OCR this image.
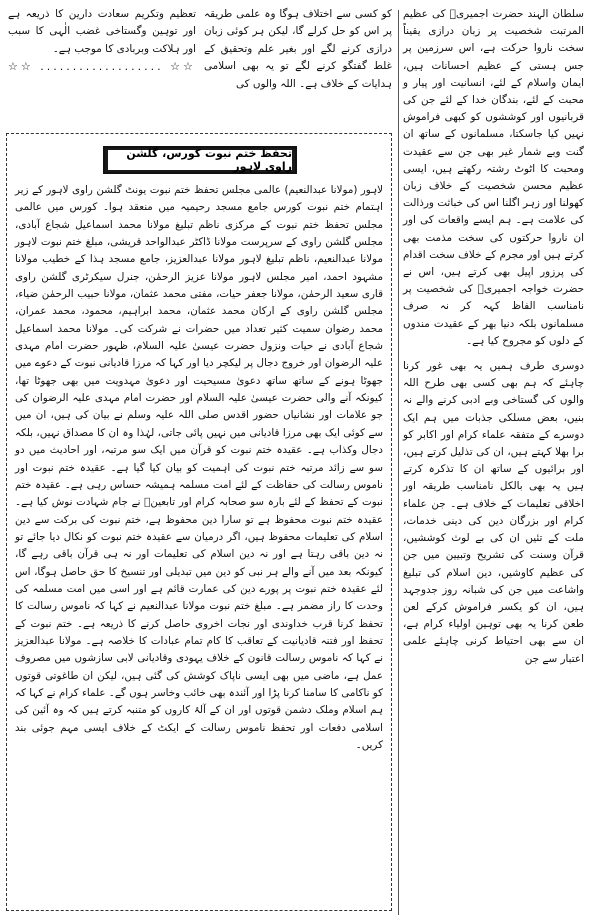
سلطان الہند حضرت اجمیریؒ کی عظیم المرتبت شخصیت پر زبان درازی یقیناً سخت ناروا حرکت ہے، اس سرزمین پر جس ہستی کے عظیم احسانات ہیں، ایمان واسلام کے لئے، انسانیت اور پیار و محبت کے لئے، بندگان خدا کے لئے جن کی قربانیوں اور کوششوں کو کبھی فراموش نہیں کیا جاسکتا، مسلمانوں کے ساتھ ان گنت وبے شمار غیر بھی جن سے عقیدت ومحبت کا اٹوٹ رشتہ رکھتے ہیں، ایسی عظیم محسن شخصیت کے خلاف زبان کھولنا اور زہر اگلنا اس کی خباثت ورذالت کی علامت ہے۔ ہم ایسے واقعات کی اور ان ناروا حرکتوں کی سخت مذمت بھی کرتے ہیں اور مجرم کے خلاف سخت اقدام کی پرزور اپیل بھی کرتے ہیں، اس نے حضرت خواجہ اجمیریؒ کی شخصیت پر نامناسب الفاظ کہہ کر نہ صرف مسلمانوں بلکہ دنیا بھر کے عقیدت مندوں کے دلوں کو مجروح کیا ہے۔

دوسری طرف ہمیں یہ بھی غور کرنا چاہئے کہ ہم بھی کسی بھی طرح اللہ والوں کی گستاخی وبے ادبی کرنے والے نہ بنیں، بعض مسلکی جذبات میں ہم ایک دوسرے کے متفقہ علماء کرام اور اکابر کو برا بھلا کہتے ہیں، ان کی تذلیل کرتے ہیں، اور برائیوں کے ساتھ ان کا تذکرہ کرتے ہیں یہ بھی بالکل نامناسب طریقہ اور اخلاقی تعلیمات کے خلاف ہے۔ جن علماء کرام اور بزرگان دین کی دینی خدمات، ملت کے تئیں ان کی بے لوث کوششیں، قرآن وسنت کی تشریح وتبیین میں جن کی عظیم کاوشیں، دین اسلام کی تبلیغ واشاعت میں جن کی شبانہ روز جدوجہد ہیں، ان کو یکسر فراموش کرکے لعن طعن کرنا یہ بھی توہین اولیاء کرام ہے، ان سے بھی احتیاط کرنی چاہئے علمی اعتبار سے جن

کو کسی سے اختلاف ہوگا وہ علمی طریقہ پر اس کو حل کرلے گا، لیکن ہر کوئی زبان درازی کرنے لگے اور بغیر علم وتحقیق کے غلط گفتگو کرنے لگے تو یہ بھی اسلامی ہدایات کے خلاف ہے۔ اللہ والوں کی

تعظیم وتکریم سعادت دارین کا ذریعہ ہے اور توہین وگستاخی غضب الٰہی کا سبب اور ہلاکت وبربادی کا موجب ہے۔

☆☆ ................... ☆☆

تحفظ ختم نبوت کورس، گلشن راوی لاہور

لاہور (مولانا عبدالنعیم) عالمی مجلس تحفظ ختم نبوت یونٹ گلشن راوی لاہور کے زیر اہتمام ختم نبوت کورس جامع مسجد رحیمیہ میں منعقد ہوا۔ کورس میں عالمی مجلس تحفظ ختم نبوت کے مرکزی ناظم تبلیغ مولانا محمد اسماعیل شجاع آبادی، مجلس گلشن راوی کے سرپرست مولانا ڈاکٹر عبدالواحد قریشی، مبلغ ختم نبوت لاہور مولانا عبدالنعیم، ناظم تبلیغ لاہور مولانا عبدالعزیز، جامع مسجد ہذا کے خطیب مولانا مشہود احمد، امیر مجلس لاہور مولانا عزیز الرحمٰن، جنرل سیکرٹری گلشن راوی قاری سعید الرحمٰن، مولانا جعفر حیات، مفتی محمد عثمان، مولانا حبیب الرحمٰن ضیاء، مجلس گلشن راوی کے ارکان محمد عثمان، محمد ابراہیم، محمود، محمد عمران، محمد رضوان سمیت کثیر تعداد میں حضرات نے شرکت کی۔ مولانا محمد اسماعیل شجاع آبادی نے حیات ونزول حضرت عیسیٰ علیہ السلام، ظہور حضرت امام مہدی علیہ الرضوان اور خروج دجال پر لیکچر دیا اور کہا کہ مرزا قادیانی نبوت کے دعوے میں جھوٹا ہونے کے ساتھ ساتھ دعویٰ مسیحیت اور دعویٰ مہدویت میں بھی جھوٹا تھا، کیونکہ آنے والی حضرت عیسیٰ علیہ السلام اور حضرت امام مہدی علیہ الرضوان کی جو علامات اور نشانیاں حضور اقدس صلی اللہ علیہ وسلم نے بیان کی ہیں، ان میں سے کوئی ایک بھی مرزا قادیانی میں نہیں پائی جاتی، لہٰذا وہ ان کا مصداق نہیں، بلکہ دجال وکذاب ہے۔ عقیدہ ختم نبوت کو قرآن میں ایک سو مرتبہ، اور احادیث میں دو سو سے زائد مرتبہ ختم نبوت کی اہمیت کو بیان کیا گیا ہے۔ عقیدہ ختم نبوت اور ناموس رسالت کی حفاظت کے لئے امت مسلمہ ہمیشہ حساس رہی ہے۔ عقیدہ ختم نبوت کے تحفظ کے لئے بارہ سو صحابہ کرام اور تابعینؒ نے جام شہادت نوش کیا ہے۔ عقیدہ ختم نبوت محفوظ ہے تو سارا دین محفوظ ہے، ختم نبوت کی برکت سے دین اسلام کی تعلیمات محفوظ ہیں، اگر درمیان سے عقیدہ ختم نبوت کو نکال دیا جائے تو نہ دین باقی رہتا ہے اور نہ دین اسلام کی تعلیمات اور نہ ہی قرآن باقی رہے گا، کیونکہ بعد میں آنے والے ہر نبی کو دین میں تبدیلی اور تنسیخ کا حق حاصل ہوگا، اس لئے عقیدہ ختم نبوت پر پورے دین کی عمارت قائم ہے اور اسی میں امت مسلمہ کی وحدت کا راز مضمر ہے۔ مبلغ ختم نبوت مولانا عبدالنعیم نے کہا کہ ناموس رسالت کا تحفظ کرنا قرب خداوندی اور نجات اخروی حاصل کرنے کا ذریعہ ہے۔ ختم نبوت کے تحفظ اور فتنہ قادیانیت کے تعاقب کا کام تمام عبادات کا خلاصہ ہے۔ مولانا عبدالعزیز نے کہا کہ ناموس رسالت قانون کے خلاف یہودی وقادیانی لابی سازشوں میں مصروف عمل ہے، ماضی میں بھی ایسی ناپاک کوشش کی گئی ہیں، لیکن ان طاغوتی قوتوں کو ناکامی کا سامنا کرنا پڑا اور آئندہ بھی خائب وخاسر ہوں گے۔ علماء کرام نے کہا کہ ہم اسلام وملک دشمن قوتوں اور ان کے آلۂ کاروں کو متنبہ کرتے ہیں کہ وہ آئین کی اسلامی دفعات اور تحفظ ناموس رسالت کے ایکٹ کے خلاف ایسی مہم جوئی بند کریں۔
